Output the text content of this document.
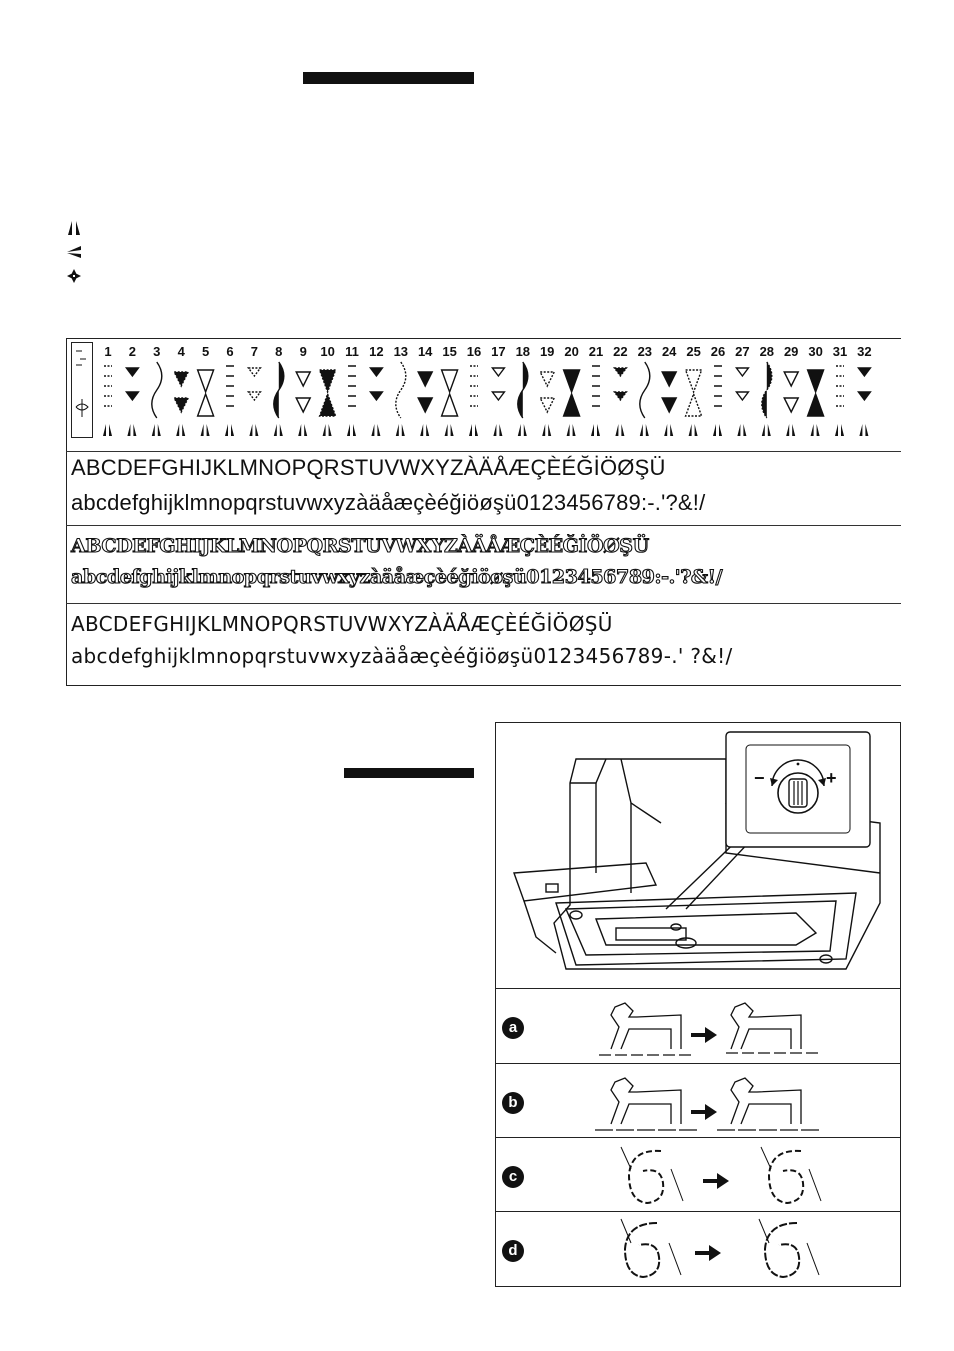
1	2	3	4	5	6	7	8	9	10 11 12 13 14 15 16 17 18 19 20 21 22 23 24 25 26 27 28 29 30 31 32
ABCDEFGHIJKLMNOPQRSTUVWXYZÀÄÅÆÇÈÉĞİÖØŞÜ
abcdefghijklmnopqrstuvwxyzàäåæçèéğiöøşü0123456789:-.'?&!/
ABCDEFGHIJKLMNOPQRSTUVWXYZÀÄÅÆÇÈÉĞİÖØŞÜ
abcdefghijklmnopqrstuvwxyzàäåæçèéğiöøşü0123456789:-.'?&!/
ABCDEFGHIJKLMNOPQRSTUVWXYZÀÄÅÆÇÈÉĞİÖØŞÜ
abcdefghijklmnopqrstuvwxyzàäåæçèéğiöøşü0123456789-.' ?&!/
−	+
a
b
c
d
